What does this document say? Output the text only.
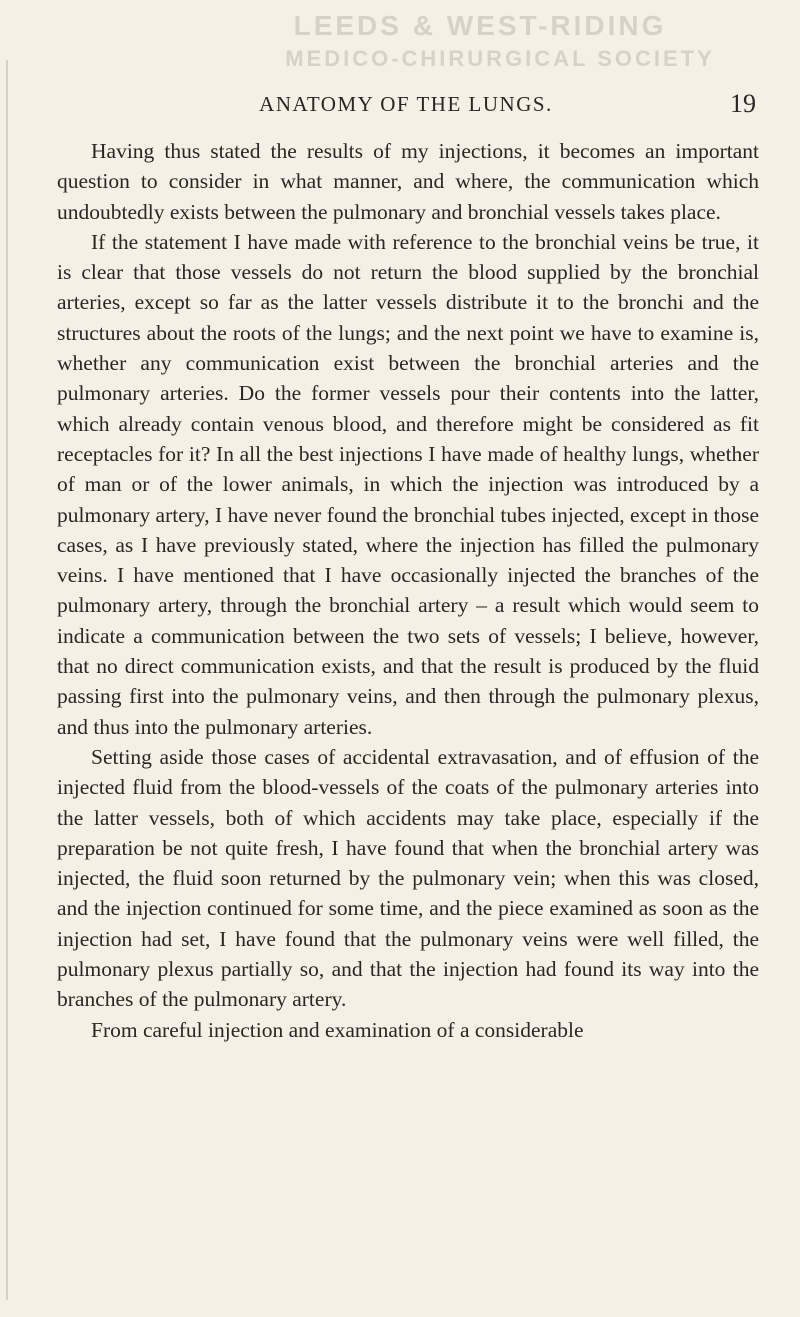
LEEDS & WEST-RIDING
MEDICO-CHIRURGICAL SOCIETY
ANATOMY OF THE LUNGS.	19

Having thus stated the results of my injections, it becomes an important question to consider in what manner, and where, the communication which undoubtedly exists between the pulmonary and bronchial vessels takes place.

If the statement I have made with reference to the bronchial veins be true, it is clear that those vessels do not return the blood supplied by the bronchial arteries, except so far as the latter vessels distribute it to the bronchi and the structures about the roots of the lungs; and the next point we have to examine is, whether any communication exist between the bronchial arteries and the pulmonary arteries. Do the former vessels pour their contents into the latter, which already contain venous blood, and therefore might be considered as fit receptacles for it? In all the best injections I have made of healthy lungs, whether of man or of the lower animals, in which the injection was introduced by a pulmonary artery, I have never found the bronchial tubes injected, except in those cases, as I have previously stated, where the injection has filled the pulmonary veins. I have mentioned that I have occasionally injected the branches of the pulmonary artery, through the bronchial artery – a result which would seem to indicate a communication between the two sets of vessels; I believe, however, that no direct communication exists, and that the result is produced by the fluid passing first into the pulmonary veins, and then through the pulmonary plexus, and thus into the pulmonary arteries.

Setting aside those cases of accidental extravasation, and of effusion of the injected fluid from the blood-vessels of the coats of the pulmonary arteries into the latter vessels, both of which accidents may take place, especially if the preparation be not quite fresh, I have found that when the bronchial artery was injected, the fluid soon returned by the pulmonary vein; when this was closed, and the injection continued for some time, and the piece examined as soon as the injection had set, I have found that the pulmonary veins were well filled, the pulmonary plexus partially so, and that the injection had found its way into the branches of the pulmonary artery.

From careful injection and examination of a considerable
